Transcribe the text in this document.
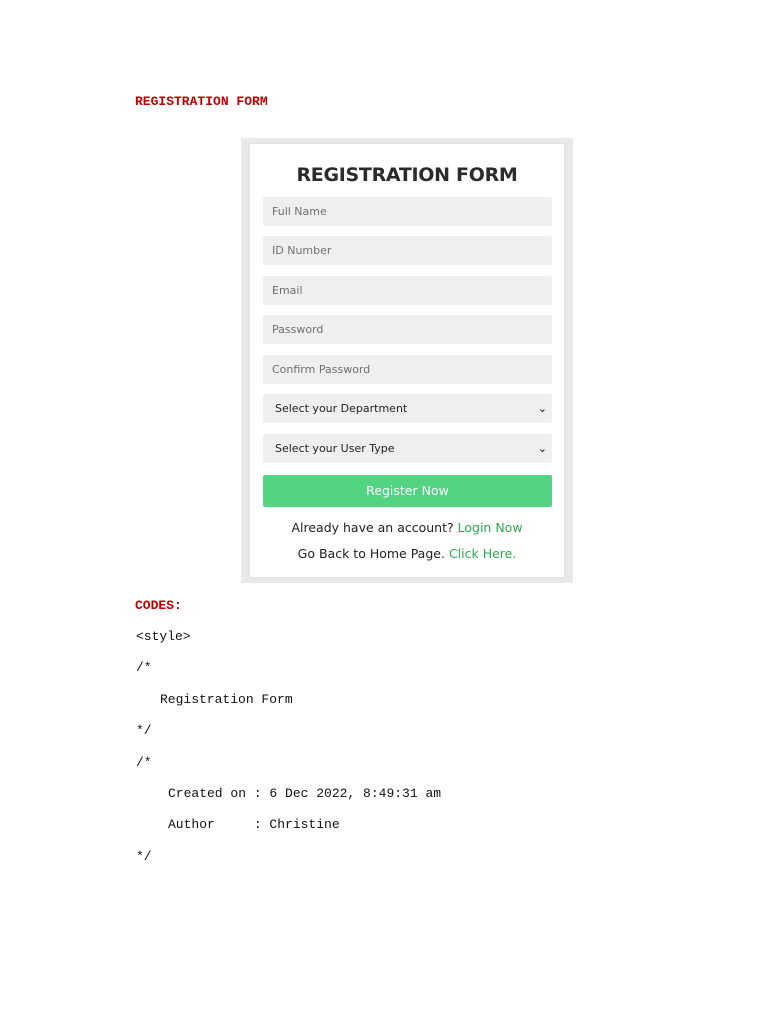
REGISTRATION FORM
REGISTRATION FORM
Full Name
ID Number
Email
Password
Confirm Password
Select your Department	⌄
Select your User Type	⌄
Register Now
Already have an account? Login Now
Go Back to Home Page. Click Here.
CODES:

<style>

/*

Registration Form

*/

/*

Created on : 6 Dec 2022, 8:49:31 am

Author     : Christine

*/
